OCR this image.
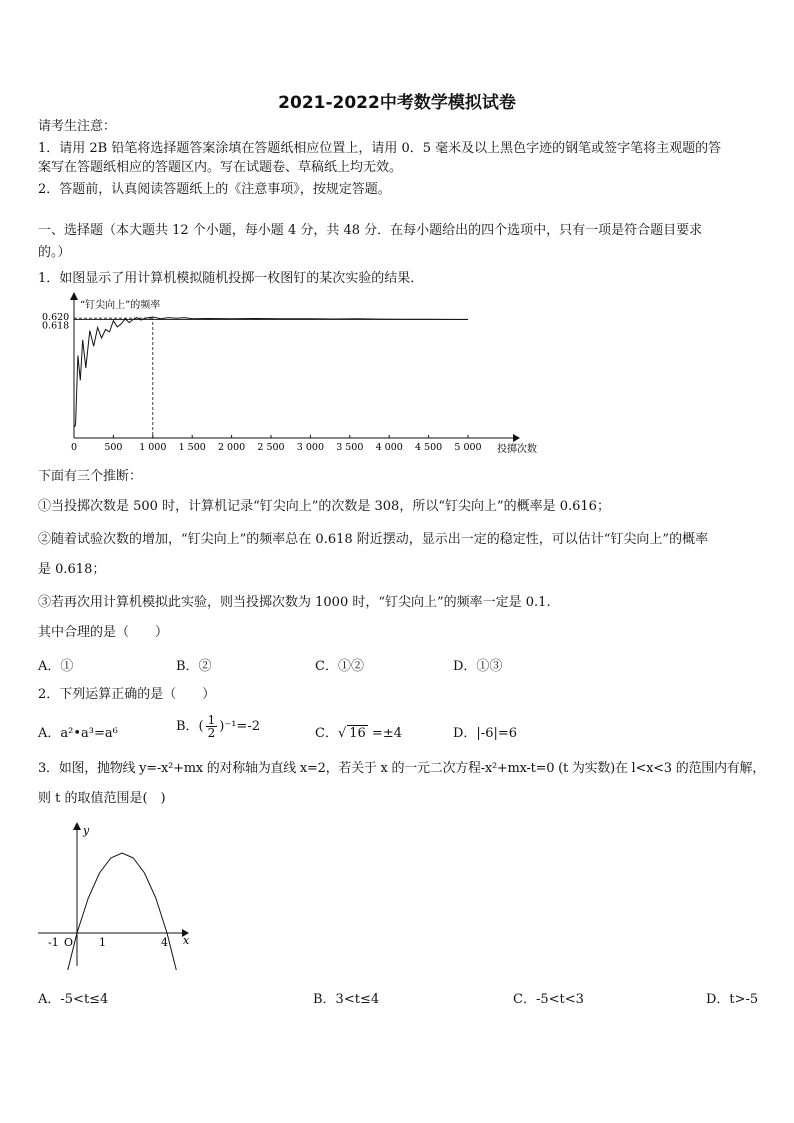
2021-2022中考数学模拟试卷
请考生注意：
1．请用 2B 铅笔将选择题答案涂填在答题纸相应位置上，请用 0．5 毫米及以上黑色字迹的钢笔或签字笔将主观题的答
案写在答题纸相应的答题区内。写在试题卷、草稿纸上均无效。
2．答题前，认真阅读答题纸上的《注意事项》，按规定答题。
一、选择题（本大题共 12 个小题，每小题 4 分，共 48 分．在每小题给出的四个选项中，只有一项是符合题目要求
的。）
1．如图显示了用计算机模拟随机投掷一枚图钉的某次实验的结果．
“钉尖向上”的频率
投掷次数
0.620
0.618
0	500 1 000 1 500 2 000 2 500 3 000 3 500 4 000 4 500 5 000
下面有三个推断：
①当投掷次数是 500 时，计算机记录“钉尖向上”的次数是 308，所以“钉尖向上”的概率是 0.616；
②随着试验次数的增加，“钉尖向上”的频率总在 0.618 附近摆动，显示出一定的稳定性，可以估计“钉尖向上”的概率
是 0.618；
③若再次用计算机模拟此实验，则当投掷次数为 1000 时，“钉尖向上”的频率一定是 0.1.
其中合理的是（　　）
A．①	B．②	C．①②	D．①③
2．下列运算正确的是（　　）
A．a²•a³=a⁶	B．( $\frac{1}{2} )^{-1}=-2$	C．√ 16 =±4	D．|-6|=6
3．如图，抛物线 y=-x²+mx 的对称轴为直线 x=2，若关于 x 的一元二次方程-x²+mx-t=0 (t 为实数)在 l<x<3 的范围内有解，
则 t 的取值范围是(　)
y
x
-1 O 1	4
A．-5<t≤4	B．3<t≤4	C．-5<t<3	D．t>-5
